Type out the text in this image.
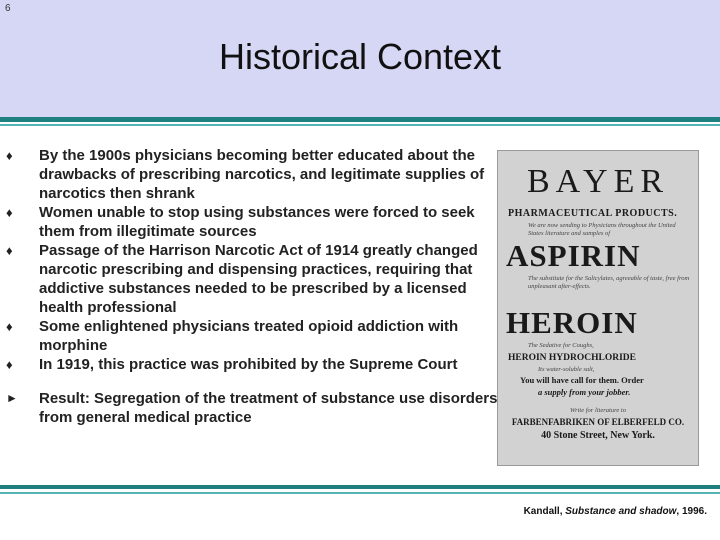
6
Historical Context
♦ By the 1900s physicians becoming better educated about the drawbacks of prescribing narcotics, and legitimate supplies of narcotics then shrank
♦ Women unable to stop using substances were forced to seek them from illegitimate sources
♦ Passage of the Harrison Narcotic Act of 1914 greatly changed narcotic prescribing and dispensing practices, requiring that addictive substances needed to be prescribed by a licensed health professional
♦ Some enlightened physicians treated opioid addiction with morphine
♦ In 1919, this practice was prohibited by the Supreme Court
► Result: Segregation of the treatment of substance use disorders from general medical practice
BAYER
PHARMACEUTICAL PRODUCTS.
We are now sending to Physicians throughout the United States literature and samples of
ASPIRIN
The substitute for the Salicylates, agreeable of taste, free from unpleasant after-effects.
HEROIN
The Sedative for Coughs,
HEROIN HYDROCHLORIDE
Its water-soluble salt,
You will have call for them. Order
a supply from your jobber.
Write for literature to
FARBENFABRIKEN OF ELBERFELD CO.
40 Stone Street, New York.
Kandall, Substance and shadow, 1996.
